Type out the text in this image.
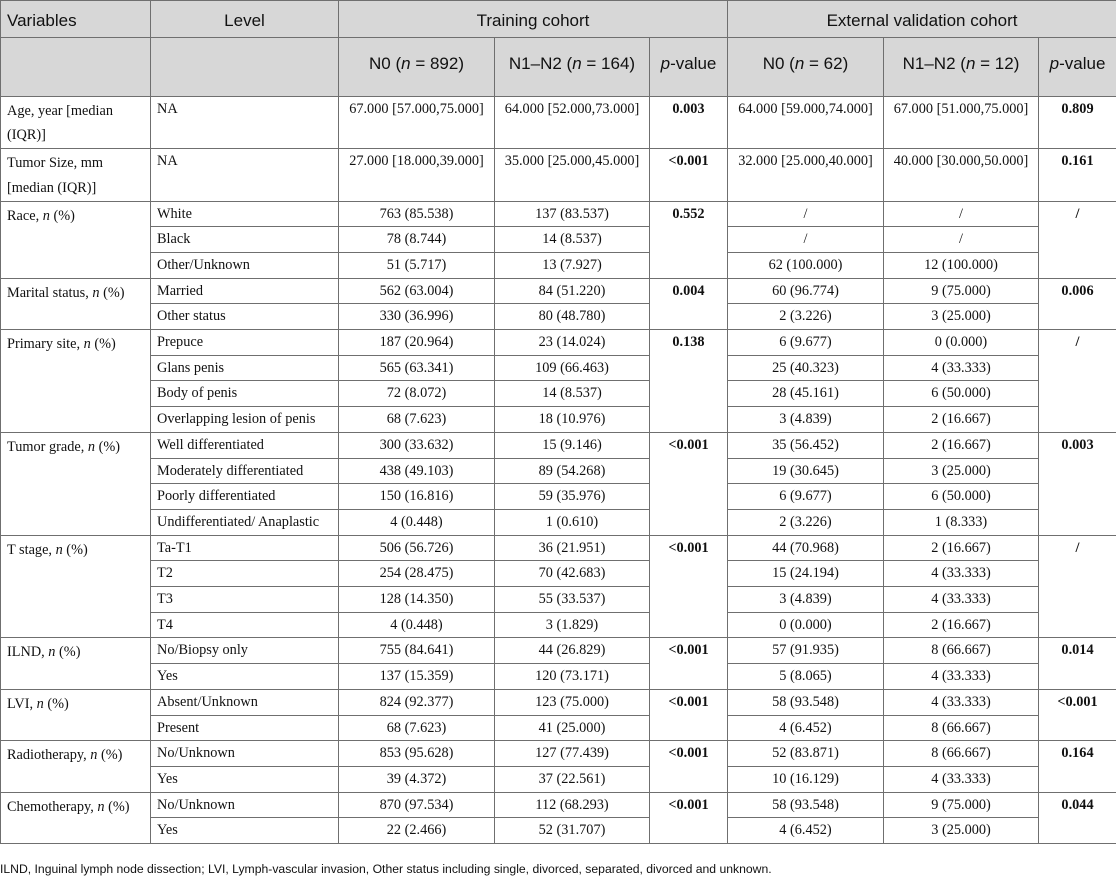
Variables	Level	Training cohort			External validation cohort		
		N0 (n = 892)	N1–N2 (n = 164)	p-value	N0 (n = 62)	N1–N2 (n = 12)	p-value
Age, year [median (IQR)]	NA	67.000 [57.000,75.000]	64.000 [52.000,73.000]	0.003	64.000 [59.000,74.000]	67.000 [51.000,75.000]	0.809
Tumor Size, mm [median (IQR)]	NA	27.000 [18.000,39.000]	35.000 [25.000,45.000]	<0.001	32.000 [25.000,40.000]	40.000 [30.000,50.000]	0.161
Race, n (%)	White	763 (85.538)	137 (83.537)	0.552	/	/	/
	Black	78 (8.744)	14 (8.537)		/	/	
	Other/Unknown	51 (5.717)	13 (7.927)		62 (100.000)	12 (100.000)	
Marital status, n (%)	Married	562 (63.004)	84 (51.220)	0.004	60 (96.774)	9 (75.000)	0.006
	Other status	330 (36.996)	80 (48.780)		2 (3.226)	3 (25.000)	
Primary site, n (%)	Prepuce	187 (20.964)	23 (14.024)	0.138	6 (9.677)	0 (0.000)	/
	Glans penis	565 (63.341)	109 (66.463)		25 (40.323)	4 (33.333)	
	Body of penis	72 (8.072)	14 (8.537)		28 (45.161)	6 (50.000)	
	Overlapping lesion of penis	68 (7.623)	18 (10.976)		3 (4.839)	2 (16.667)	
Tumor grade, n (%)	Well differentiated	300 (33.632)	15 (9.146)	<0.001	35 (56.452)	2 (16.667)	0.003
	Moderately differentiated	438 (49.103)	89 (54.268)		19 (30.645)	3 (25.000)	
	Poorly differentiated	150 (16.816)	59 (35.976)		6 (9.677)	6 (50.000)	
	Undifferentiated/ Anaplastic	4 (0.448)	1 (0.610)		2 (3.226)	1 (8.333)	
T stage, n (%)	Ta-T1	506 (56.726)	36 (21.951)	<0.001	44 (70.968)	2 (16.667)	/
	T2	254 (28.475)	70 (42.683)		15 (24.194)	4 (33.333)	
	T3	128 (14.350)	55 (33.537)		3 (4.839)	4 (33.333)	
	T4	4 (0.448)	3 (1.829)		0 (0.000)	2 (16.667)	
ILND, n (%)	No/Biopsy only	755 (84.641)	44 (26.829)	<0.001	57 (91.935)	8 (66.667)	0.014
	Yes	137 (15.359)	120 (73.171)		5 (8.065)	4 (33.333)	
LVI, n (%)	Absent/Unknown	824 (92.377)	123 (75.000)	<0.001	58 (93.548)	4 (33.333)	<0.001
	Present	68 (7.623)	41 (25.000)		4 (6.452)	8 (66.667)	
Radiotherapy, n (%)	No/Unknown	853 (95.628)	127 (77.439)	<0.001	52 (83.871)	8 (66.667)	0.164
	Yes	39 (4.372)	37 (22.561)		10 (16.129)	4 (33.333)	
Chemotherapy, n (%)	No/Unknown	870 (97.534)	112 (68.293)	<0.001	58 (93.548)	9 (75.000)	0.044
	Yes	22 (2.466)	52 (31.707)		4 (6.452)	3 (25.000)	
ILND, Inguinal lymph node dissection; LVI, Lymph-vascular invasion, Other status including single, divorced, separated, divorced and unknown.
